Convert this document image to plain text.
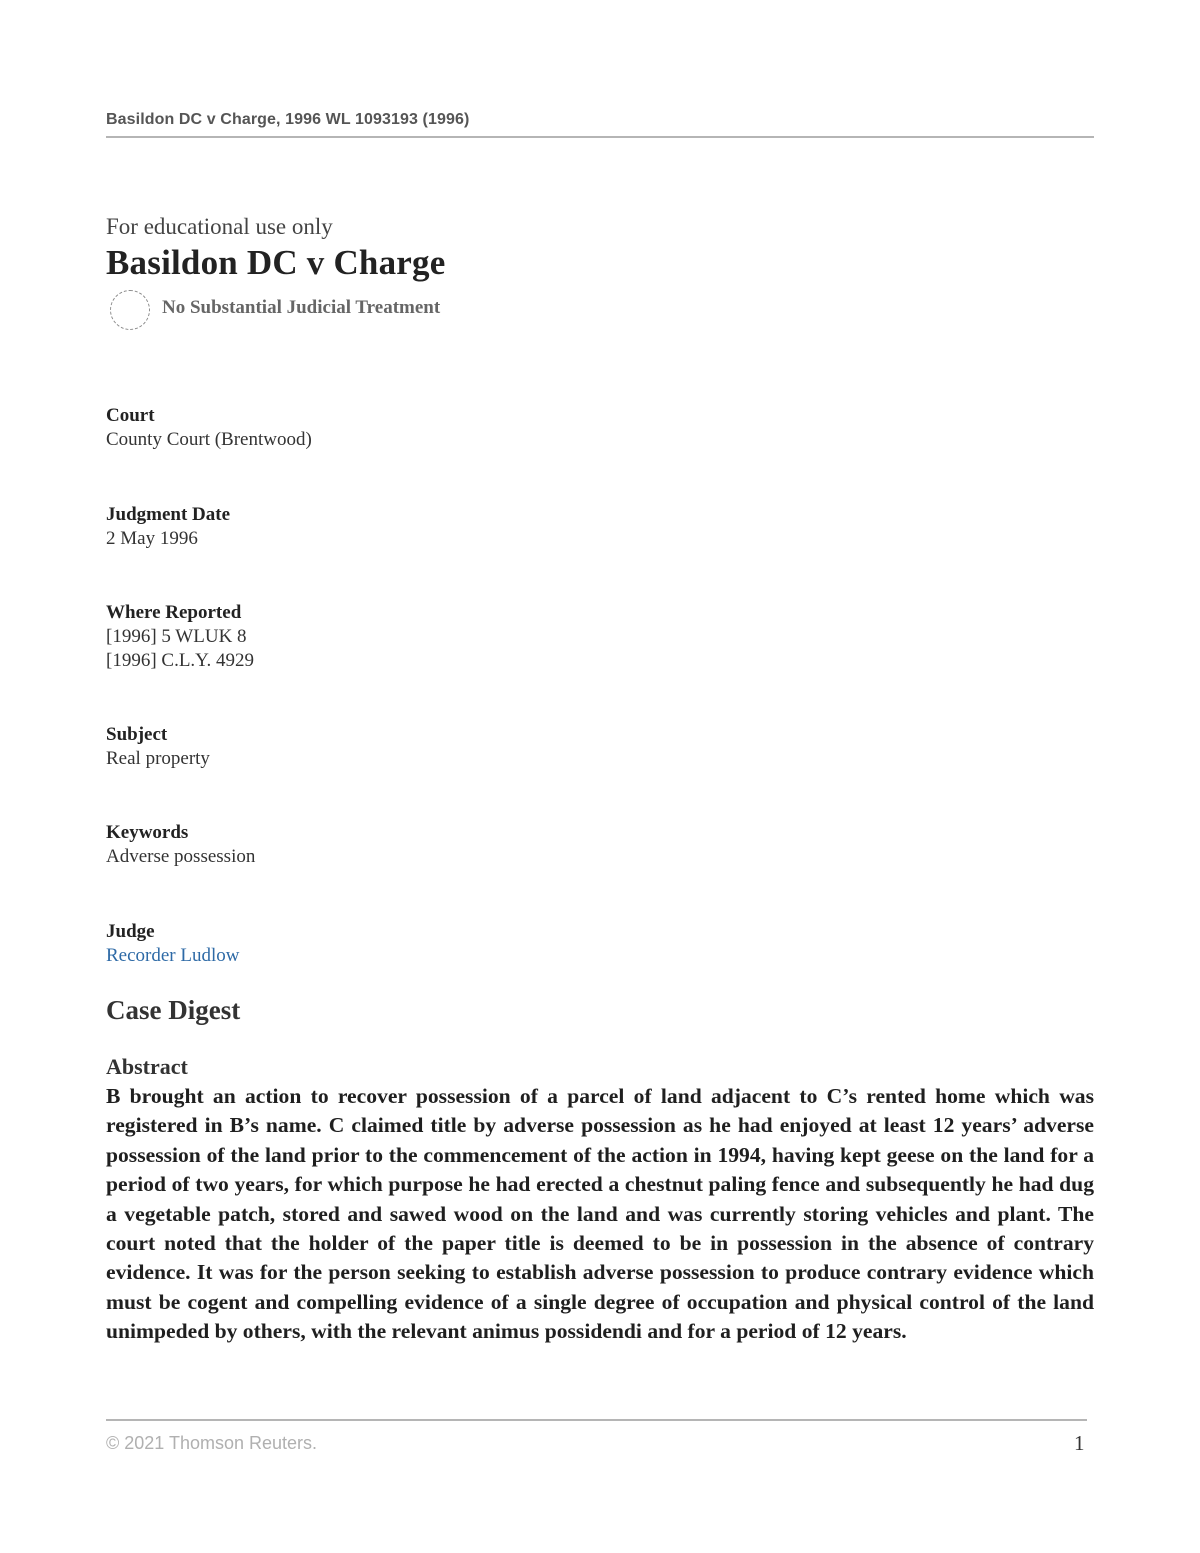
Basildon DC v Charge, 1996 WL 1093193 (1996)
For educational use only
Basildon DC v Charge
No Substantial Judicial Treatment
Court
County Court (Brentwood)
Judgment Date
2 May 1996
Where Reported
[1996] 5 WLUK 8
[1996] C.L.Y. 4929
Subject
Real property
Keywords
Adverse possession
Judge
Recorder Ludlow
Case Digest
Abstract

B brought an action to recover possession of a parcel of land adjacent to C’s rented home which was registered in B’s name. C claimed title by adverse possession as he had enjoyed at least 12 years’ adverse possession of the land prior to the commencement of the action in 1994, having kept geese on the land for a period of two years, for which purpose he had erected a chestnut paling fence and subsequently he had dug a vegetable patch, stored and sawed wood on the land and was currently storing vehicles and plant. The court noted that the holder of the paper title is deemed to be in possession in the absence of contrary evidence. It was for the person seeking to establish adverse possession to produce contrary evidence which must be cogent and compelling evidence of a single degree of occupation and physical control of the land unimpeded by others, with the relevant animus possidendi and for a period of 12 years.

© 2021 Thomson Reuters.	1
